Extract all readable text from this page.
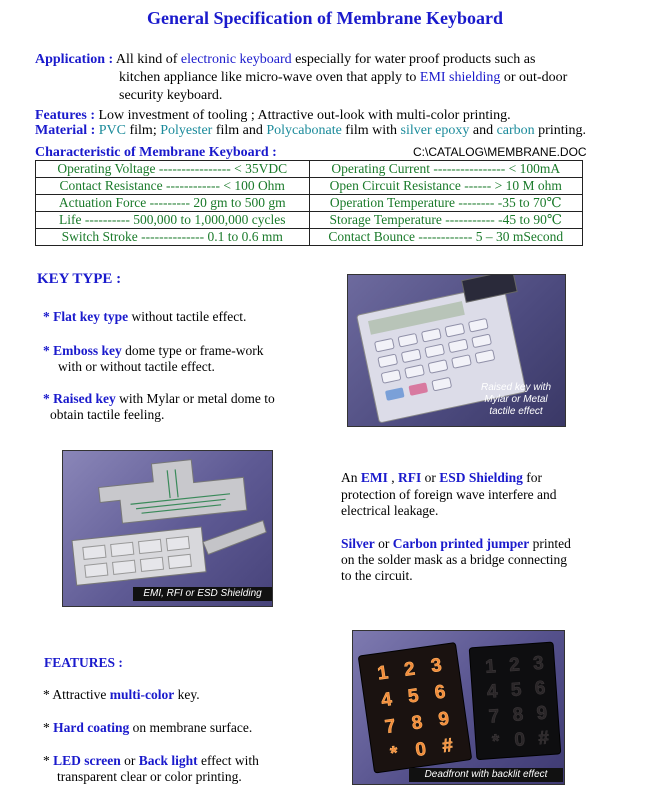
General Specification of Membrane Keyboard
Application : All kind of electronic keyboard especially for water proof products such as
kitchen appliance like micro-wave oven that apply to EMI shielding or out-door
security keyboard.
Features : Low investment of tooling ; Attractive out-look with multi-color printing.
Material : PVC film; Polyester film and Polycabonate film with silver epoxy and carbon printing.
Characteristic of Membrane Keyboard :	C:\CATALOG\MEMBRANE.DOC
Operating Voltage ---------------- < 35VDC	Operating Current ---------------- < 100mA
Contact Resistance ------------ < 100 Ohm	Open Circuit Resistance ------ > 10 M ohm
Actuation Force --------- 20 gm to 500 gm	Operation Temperature -------- -35 to 70℃
Life ---------- 500,000 to 1,000,000 cycles	Storage Temperature ----------- -45 to 90℃
Switch Stroke -------------- 0.1 to 0.6 mm	Contact Bounce ------------ 5 – 30 mSecond
KEY TYPE :
* Flat key type without tactile effect.
* Emboss key dome type or frame-work
with or without tactile effect.
* Raised key with Mylar or metal dome to
obtain tactile feeling.
Raised key with
Mylar or Metal
tactile effect
EMI, RFI or ESD Shielding
An EMI , RFI or ESD Shielding for
protection of foreign wave interfere and
electrical leakage.
Silver or Carbon printed jumper printed
on the solder mask as a bridge connecting
to the circuit.
FEATURES :
* Attractive multi-color key.
* Hard coating on membrane surface.
* LED screen or Back light effect with
transparent clear or color printing.
1 2 3
4 5 6
7 8 9
* 0 #
1 2 3
4 5 6
7 8 9
* 0 #
Deadfront with backlit effect
